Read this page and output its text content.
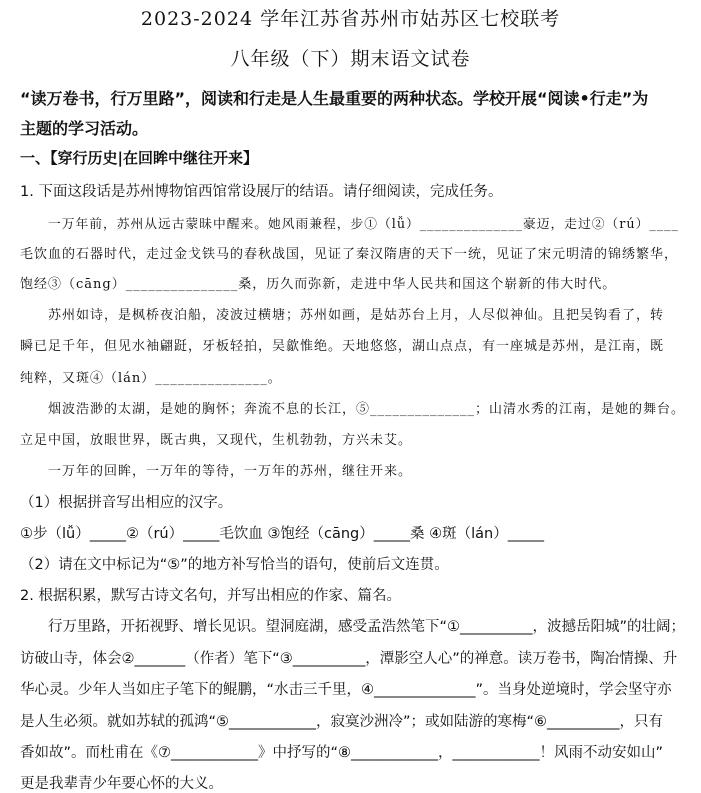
2023-2024 学年江苏省苏州市姑苏区七校联考
八年级（下）期末语文试卷
“读万卷书，行万里路”，阅读和行走是人生最重要的两种状态。学校开展“阅读•行走”为
主题的学习活动。
一、【穿行历史|在回眸中继往开来】
1. 下面这段话是苏州博物馆西馆常设展厅的结语。请仔细阅读，完成任务。
一万年前，苏州从远古蒙昧中醒来。她风雨兼程，步①（lǚ）______________豪迈，走过②（rú）____
毛饮血的石器时代，走过金戈铁马的春秋战国，见证了秦汉隋唐的天下一统，见证了宋元明清的锦绣繁华，
饱经③（cāng）_______________桑，历久而弥新，走进中华人民共和国这个崭新的伟大时代。
苏州如诗，是枫桥夜泊船，凌波过横塘；苏州如画，是姑苏台上月，人尽似神仙。且把吴钩看了，转
瞬已足千年，但见水袖翩跹，牙板轻拍，吴歙惟绝。天地悠悠，湖山点点，有一座城是苏州，是江南，既
纯粹，又斑④（lán）_______________。
烟波浩渺的太湖，是她的胸怀；奔流不息的长江，⑤______________；山清水秀的江南，是她的舞台。
立足中国，放眼世界，既古典，又现代，生机勃勃，方兴未艾。
一万年的回眸，一万年的等待，一万年的苏州，继往开来。
（1）根据拼音写出相应的汉字。
①步（lǚ）_____②（rú）_____毛饮血 ③饱经（cāng）_____桑 ④斑（lán）_____
（2）请在文中标记为“⑤”的地方补写恰当的语句，使前后文连贯。
2. 根据积累，默写古诗文名句，并写出相应的作家、篇名。
行万里路，开拓视野、增长见识。望洞庭湖，感受孟浩然笔下“①__________，波撼岳阳城”的壮阔；
访破山寺，体会②_______（作者）笔下“③__________，潭影空人心”的禅意。读万卷书，陶冶情操、升
华心灵。少年人当如庄子笔下的鲲鹏，“水击三千里，④______________”。当身处逆境时，学会坚守亦
是人生必须。就如苏轼的孤鸿“⑤____________，寂寞沙洲冷”；或如陆游的寒梅“⑥__________，只有
香如故”。而杜甫在《⑦____________》中抒写的“⑧____________，____________！风雨不动安如山”
更是我辈青少年要心怀的大义。
